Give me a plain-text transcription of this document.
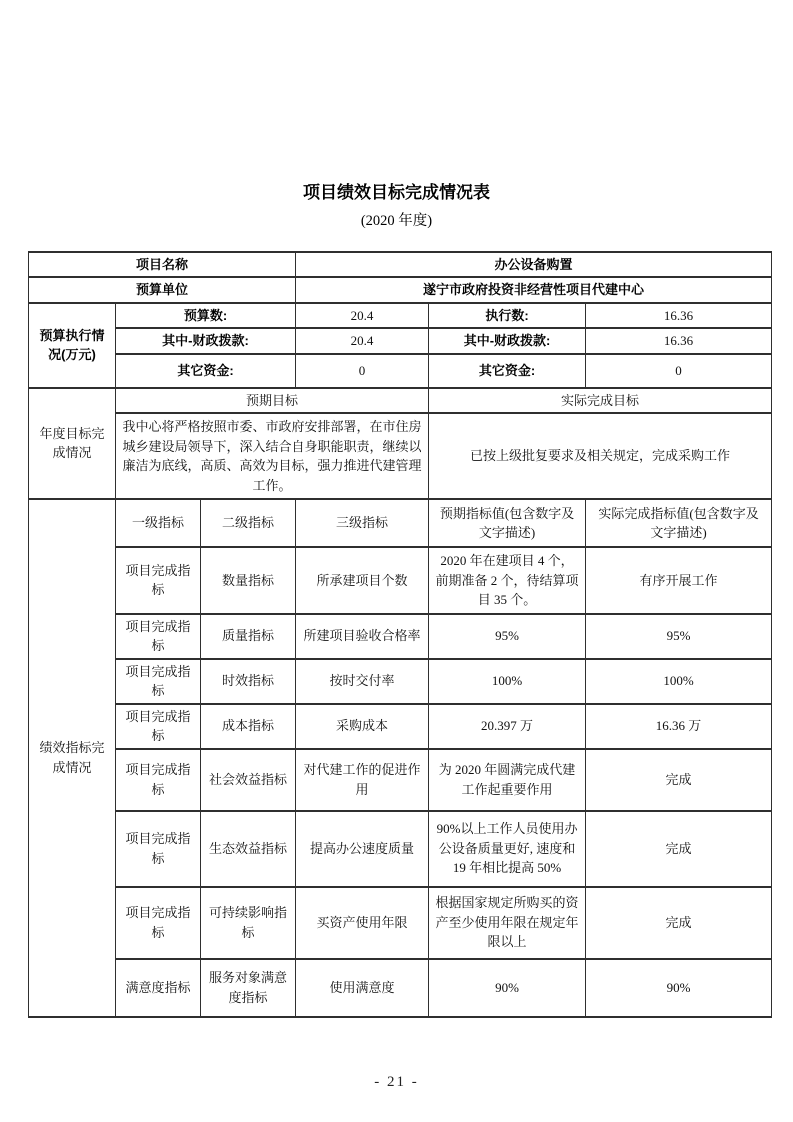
项目绩效目标完成情况表
(2020 年度)
项目名称			办公设备购置		
预算单位			遂宁市政府投资非经营性项目代建中心		
预算执行情况(万元)	预算数:		20.4	执行数:	16.36
	其中-财政拨款:		20.4	其中-财政拨款:	16.36
	其它资金:		0	其它资金:	0
年度目标完成情况	预期目标			实际完成目标	
	我中心将严格按照市委、市政府安排部署，在市住房城乡建设局领导下，深入结合自身职能职责，继续以廉洁为底线，高质、高效为目标，强力推进代建管理工作。			已按上级批复要求及相关规定，完成采购工作	
绩效指标完成情况	一级指标	二级指标	三级指标	预期指标值(包含数字及文字描述)	实际完成指标值(包含数字及文字描述)
	项目完成指标	数量指标	所承建项目个数	2020 年在建项目 4 个，前期准备 2 个，待结算项目 35 个。	有序开展工作
	项目完成指标	质量指标	所建项目验收合格率	95%	95%
	项目完成指标	时效指标	按时交付率	100%	100%
	项目完成指标	成本指标	采购成本	20.397 万	16.36 万
	项目完成指标	社会效益指标	对代建工作的促进作用	为 2020 年圆满完成代建工作起重要作用	完成
	项目完成指标	生态效益指标	提高办公速度质量	90%以上工作人员使用办公设备质量更好, 速度和 19 年相比提高 50%	完成
	项目完成指标	可持续影响指标	买资产使用年限	根据国家规定所购买的资产至少使用年限在规定年限以上	完成
	满意度指标	服务对象满意度指标	使用满意度	90%	90%
- 21 -
